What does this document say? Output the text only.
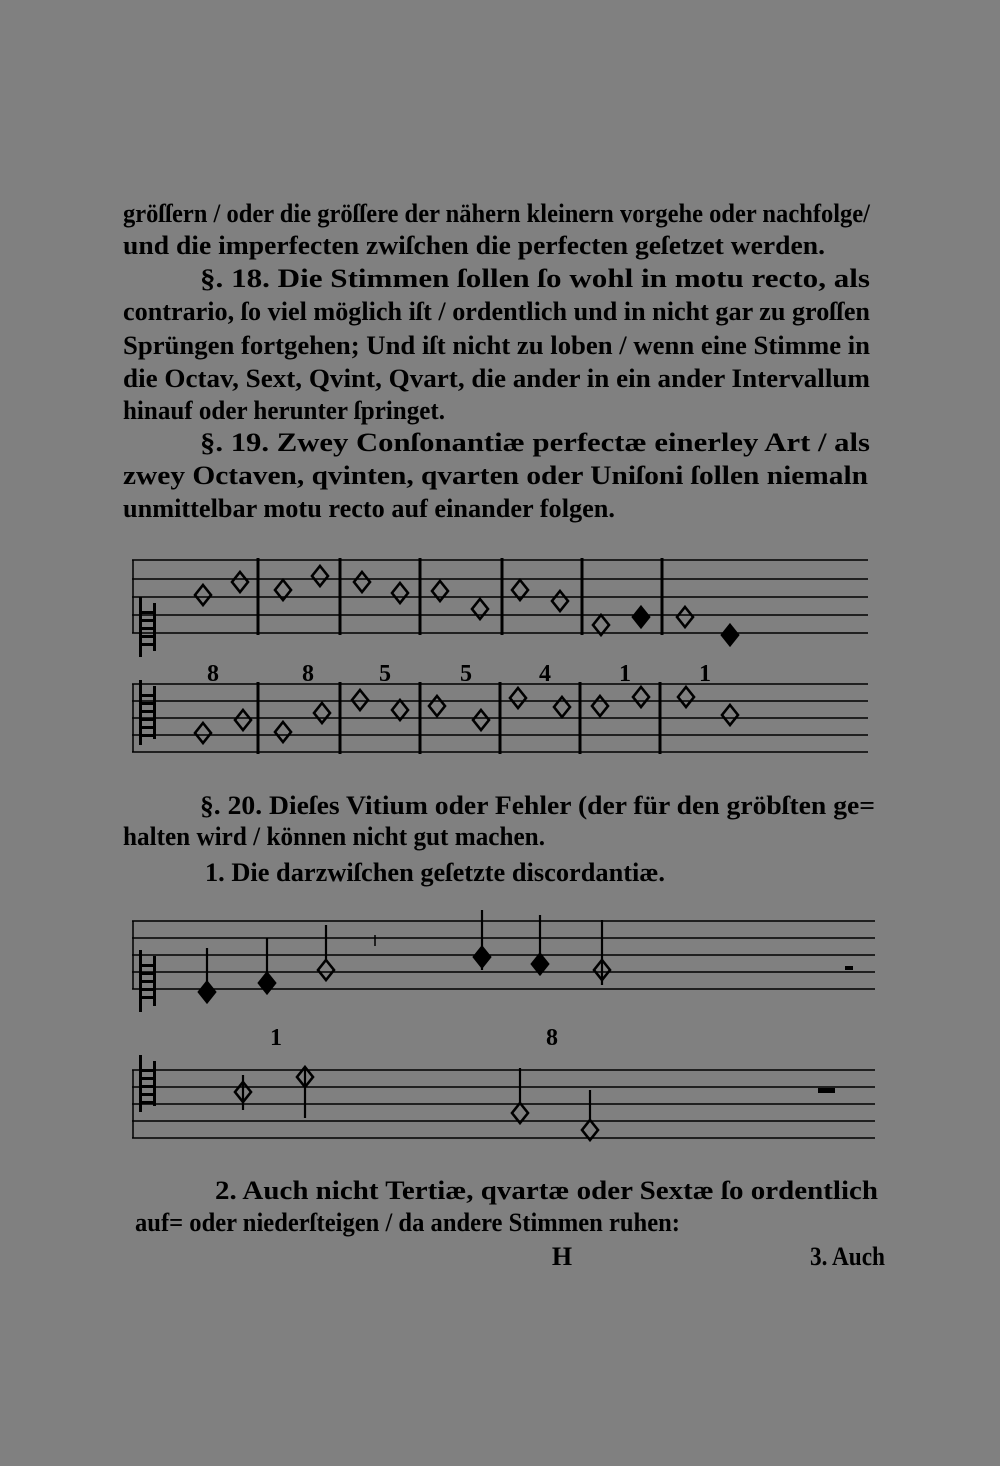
gröſſern / oder die gröſſere der nähern kleinern vorgehe oder nachfolge/
und die imperfecten zwiſchen die perfecten geſetzet werden.
§. 18. Die Stimmen ſollen ſo wohl in motu recto, als
contrario, ſo viel möglich iſt / ordentlich und in nicht gar zu groſſen
Sprüngen fortgehen; Und iſt nicht zu loben / wenn eine Stimme in
die Octav, Sext, Qvint, Qvart, die ander in ein ander Intervallum
hinauf oder herunter ſpringet.
§. 19. Zwey Conſonantiæ perfectæ einerley Art / als
zwey Octaven, qvinten, qvarten oder Uniſoni ſollen niemaln
unmittelbar motu recto auf einander folgen.
8	8	5	5	4	1	1
§. 20. Dieſes Vitium oder Fehler (der für den gröbſten ge=
halten wird / können nicht gut machen.
1. Die darzwiſchen geſetzte discordantiæ.
1	8
2. Auch nicht Tertiæ, qvartæ oder Sextæ ſo ordentlich
auf= oder niederſteigen / da andere Stimmen ruhen:
H	3. Auch
